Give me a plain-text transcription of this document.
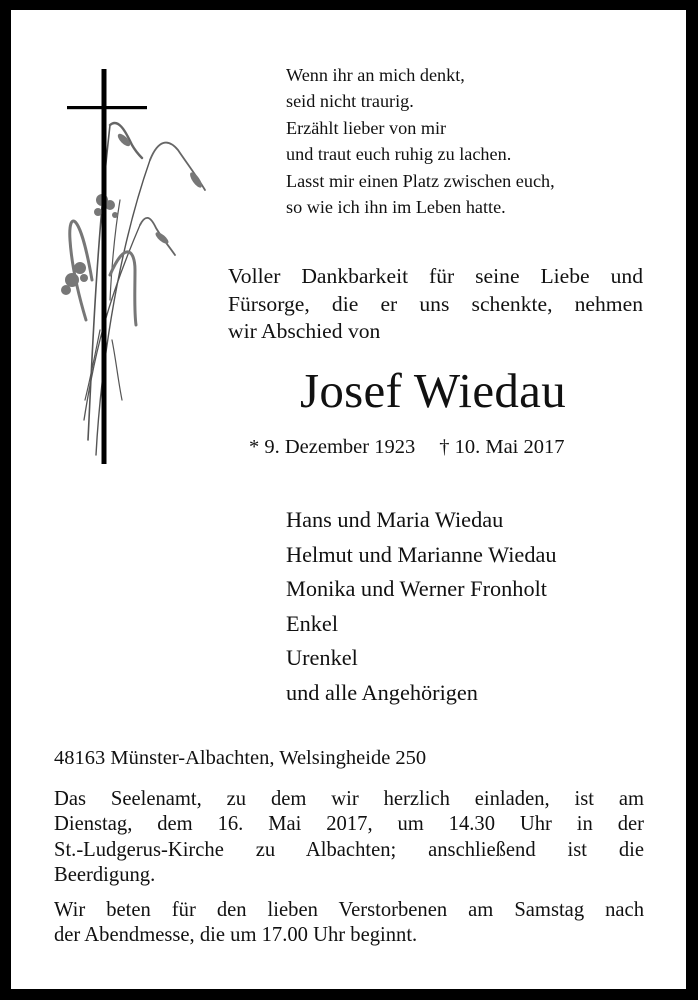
Wenn ihr an mich denkt,
seid nicht traurig.
Erzählt lieber von mir
und traut euch ruhig zu lachen.
Lasst mir einen Platz zwischen euch,
so wie ich ihn im Leben hatte.
Voller Dankbarkeit für seine Liebe und
Fürsorge, die er uns schenkte, nehmen
wir Abschied von
Josef Wiedau
* 9. Dezember 1923 † 10. Mai 2017
Hans und Maria Wiedau
Helmut und Marianne Wiedau
Monika und Werner Fronholt
Enkel
Urenkel
und alle Angehörigen
48163 Münster-Albachten, Welsingheide 250
Das Seelenamt, zu dem wir herzlich einladen, ist am
Dienstag, dem 16. Mai 2017, um 14.30 Uhr in der
St.-Ludgerus-Kirche zu Albachten; anschließend ist die
Beerdigung.
Wir beten für den lieben Verstorbenen am Samstag nach
der Abendmesse, die um 17.00 Uhr beginnt.
